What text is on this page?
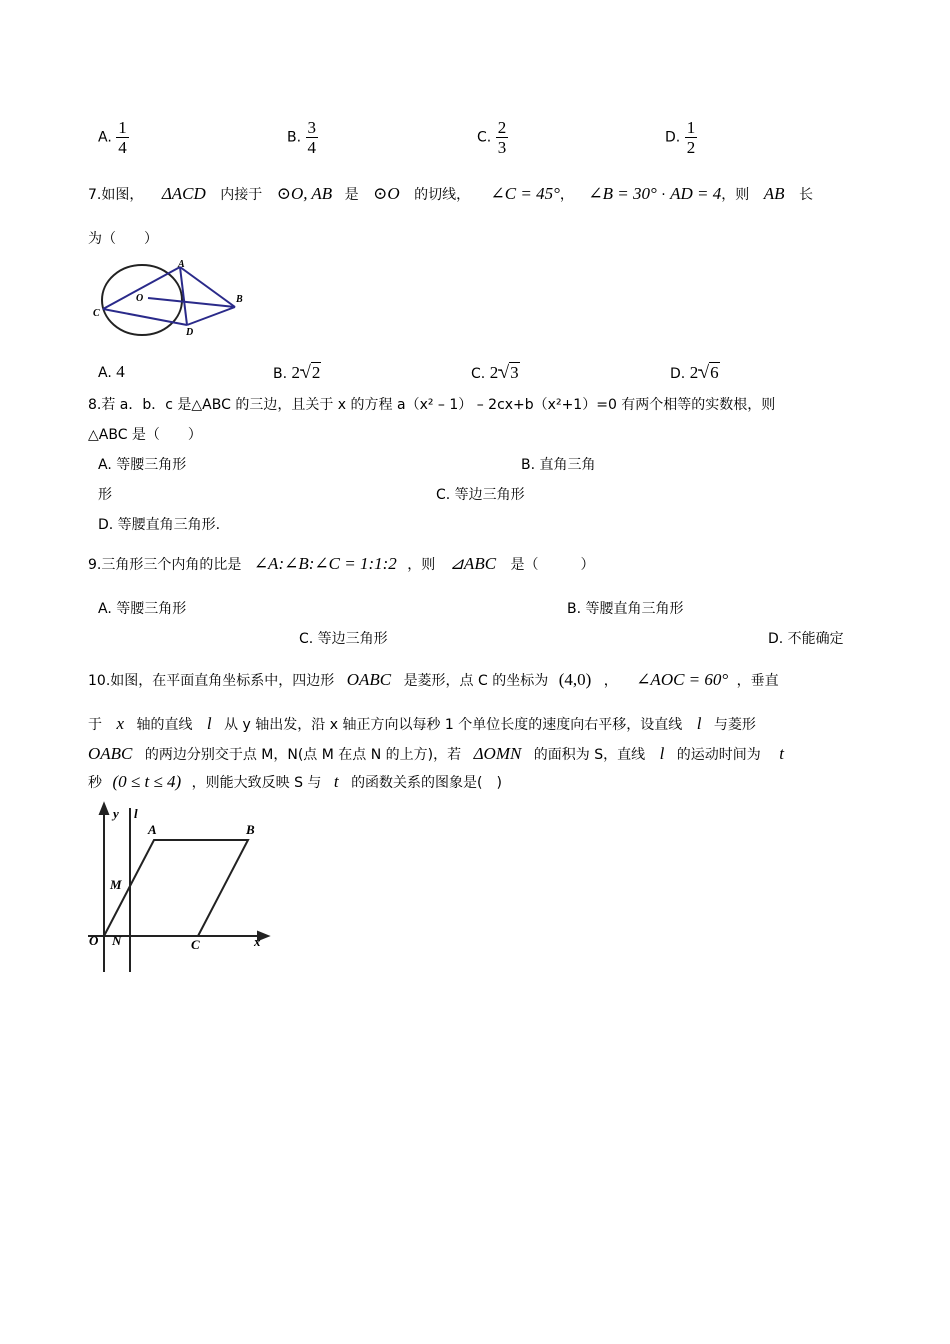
A. $\frac{1}{4}$	B. $\frac{3}{4}$	C. $\frac{2}{3}$	D. $\frac{1}{2}$
7.如图， ΔACD 内接于 ⊙O, AB 是 ⊙O 的切线， ∠C = 45°， ∠B = 30° · AD = 4，则 AB 长
为（　　）
A
B
C
D
O
A. 4	B. 2√2	C. 2√3	D. 2√6
8.若 a．b．c 是△ABC 的三边，且关于 x 的方程 a（x² – 1） – 2cx+b（x²+1）=0 有两个相等的实数根，则
△ABC 是（　　）
A. 等腰三角形	B. 直角三角
形	C. 等边三角形
D. 等腰直角三角形.
9.三角形三个内角的比是 ∠A:∠B:∠C = 1:1:2 ，则 ⊿ABC 是（　　　）
A. 等腰三角形	B. 等腰直角三角形
C. 等边三角形	D. 不能确定
10.如图，在平面直角坐标系中，四边形 OABC 是菱形，点 C 的坐标为 (4,0) ， ∠AOC = 60° ，垂直
于 x 轴的直线 l 从 y 轴出发，沿 x 轴正方向以每秒 1 个单位长度的速度向右平移，设直线 l 与菱形
OABC 的两边分别交于点 M，N(点 M 在点 N 的上方)，若 ΔOMN 的面积为 S，直线 l 的运动时间为 t
秒 (0 ≤ t ≤ 4) ，则能大致反映 S 与 t 的函数关系的图象是(　)
y l
A	B
M
O N	C	x
